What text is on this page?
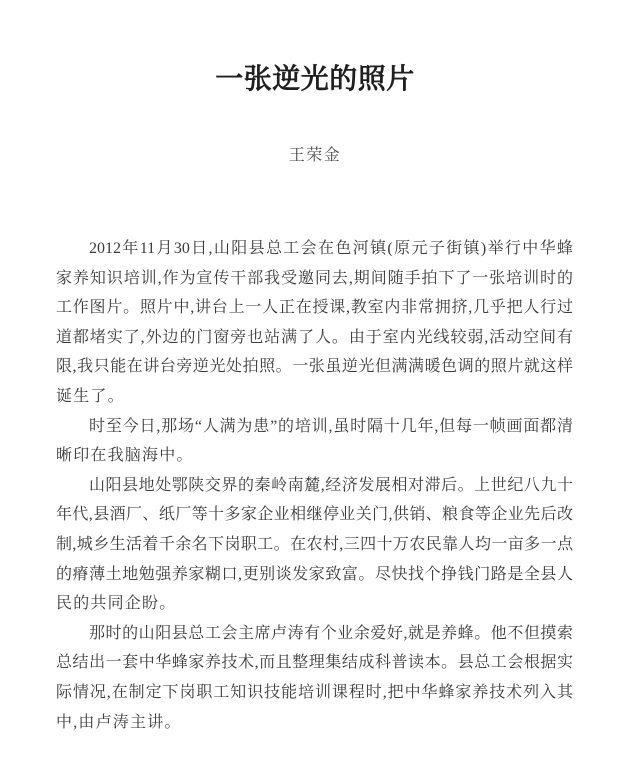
一张逆光的照片
王荣金
2012年11月30日,山阳县总工会在色河镇(原元子街镇)举行中华蜂
家养知识培训,作为宣传干部我受邀同去,期间随手拍下了一张培训时的
工作图片。照片中,讲台上一人正在授课,教室内非常拥挤,几乎把人行过
道都堵实了,外边的门窗旁也站满了人。由于室内光线较弱,活动空间有
限,我只能在讲台旁逆光处拍照。一张虽逆光但满满暖色调的照片就这样
诞生了。
时至今日,那场“人满为患”的培训,虽时隔十几年,但每一帧画面都清
晰印在我脑海中。
山阳县地处鄂陕交界的秦岭南麓,经济发展相对滞后。上世纪八九十
年代,县酒厂、纸厂等十多家企业相继停业关门,供销、粮食等企业先后改
制,城乡生活着千余名下岗职工。在农村,三四十万农民靠人均一亩多一点
的瘠薄土地勉强养家糊口,更别谈发家致富。尽快找个挣钱门路是全县人
民的共同企盼。
那时的山阳县总工会主席卢涛有个业余爱好,就是养蜂。他不但摸索
总结出一套中华蜂家养技术,而且整理集结成科普读本。县总工会根据实
际情况,在制定下岗职工知识技能培训课程时,把中华蜂家养技术列入其
中,由卢涛主讲。
